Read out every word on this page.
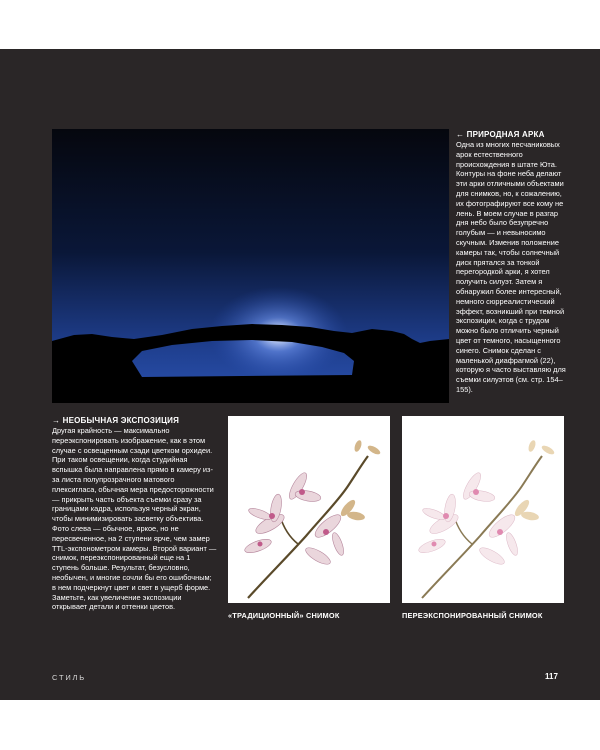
← ПРИРОДНАЯ АРКА
Одна из многих песчаниковых арок естественного происхождения в штате Юта. Контуры на фоне неба делают эти арки отличными объектами для снимков, но, к сожалению, их фотографируют все кому не лень. В моем случае в разгар дня небо было безупречно голубым — и невыносимо скучным. Изменив положение камеры так, чтобы солнечный диск прятался за тонкой перегородкой арки, я хотел получить силуэт. Затем я обнаружил более интересный, немного сюрреалистический эффект, возникший при темной экспозиции, когда с трудом можно было отличить черный цвет от темного, насыщенного синего. Снимок сделан с маленькой диафрагмой (22), которую я часто выставляю для съемки силуэтов (см. стр. 154–155).
→ НЕОБЫЧНАЯ ЭКСПОЗИЦИЯ
Другая крайность — максимально переэкспонировать изображение, как в этом случае с освещенным сзади цветком орхидеи. При таком освещении, когда студийная вспышка была направлена прямо в камеру из-за листа полупрозрачного матового плексигласа, обычная мера предосторожности — прикрыть часть объекта съемки сразу за границами кадра, используя черный экран, чтобы минимизировать засветку объектива. Фото слева — обычное, яркое, но не пересвеченное, на 2 ступени ярче, чем замер TTL-экспонометром камеры. Второй вариант — снимок, переэкспонированный еще на 1 ступень больше. Результат, безусловно, необычен, и многие сочли бы его ошибочным; в нем подчеркнут цвет и свет в ущерб форме. Заметьте, как увеличение экспозиции открывает детали и оттенки цветов.
«ТРАДИЦИОННЫЙ» СНИМОК	ПЕРЕЭКСПОНИРОВАННЫЙ СНИМОК
СТИЛЬ	117
